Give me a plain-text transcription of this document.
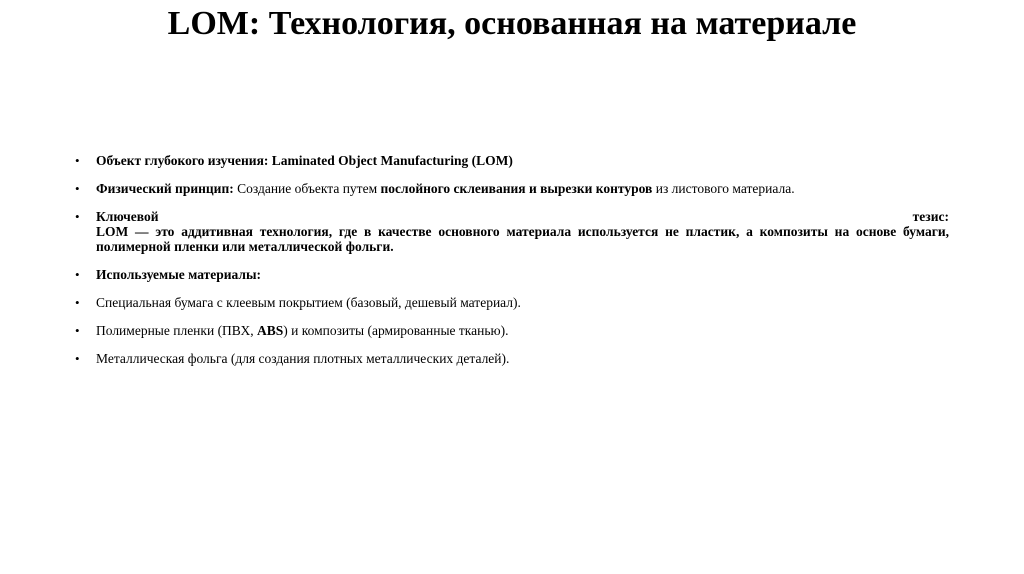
LOM: Технология, основанная на материале
• Объект глубокого изучения: Laminated Object Manufacturing (LOM)
• Физический принцип: Создание объекта путем послойного склеивания и вырезки контуров из листового материала.
• Ключевой	тезис:
LOM — это аддитивная технология, где в качестве основного материала используется не пластик, а композиты на основе бумаги, полимерной пленки или металлической фольги.
• Используемые материалы:
• Специальная бумага с клеевым покрытием (базовый, дешевый материал).
• Полимерные пленки (ПВХ, ABS) и композиты (армированные тканью).
• Металлическая фольга (для создания плотных металлических деталей).
